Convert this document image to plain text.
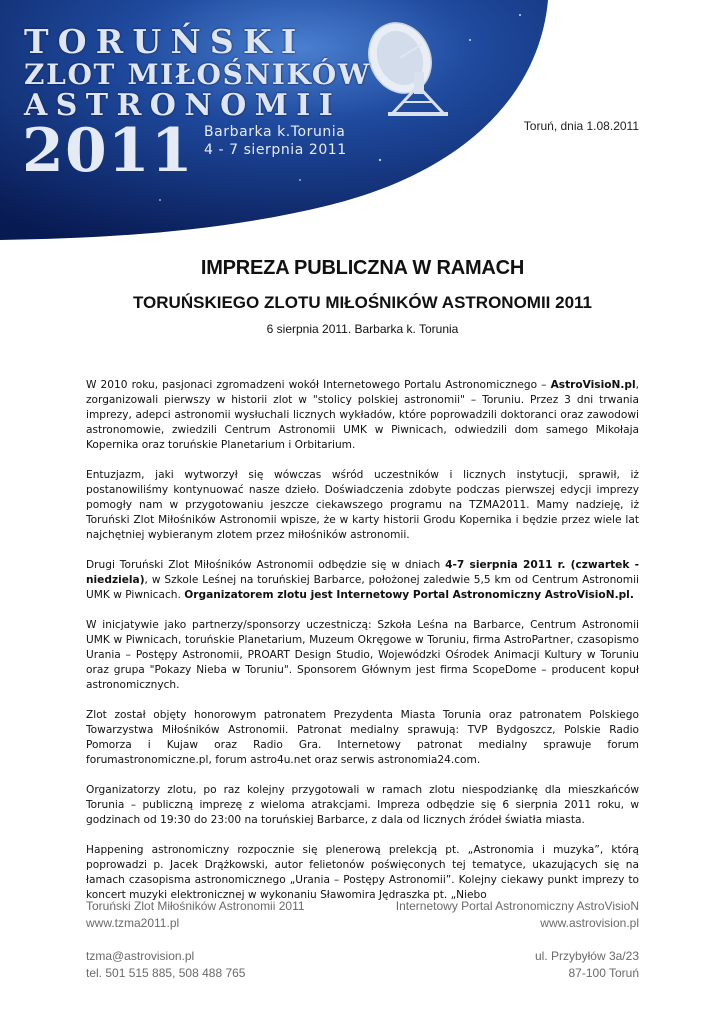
TORUŃSKI
ZLOT MIŁOŚNIKÓW
ASTRONOMII
2011 Barbarka k.Torunia
4 - 7 sierpnia 2011
Toruń, dnia 1.08.2011
IMPREZA PUBLICZNA W RAMACH
TORUŃSKIEGO ZLOTU MIŁOŚNIKÓW ASTRONOMII 2011
6 sierpnia 2011. Barbarka k. Torunia

W 2010 roku, pasjonaci zgromadzeni wokół Internetowego Portalu Astronomicznego – AstroVisioN.pl, zorganizowali pierwszy w historii zlot w "stolicy polskiej astronomii" – Toruniu. Przez 3 dni trwania imprezy, adepci astronomii wysłuchali licznych wykładów, które poprowadzili doktoranci oraz zawodowi astronomowie, zwiedzili Centrum Astronomii UMK w Piwnicach, odwiedzili dom samego Mikołaja Kopernika oraz toruńskie Planetarium i Orbitarium.

Entuzjazm, jaki wytworzył się wówczas wśród uczestników i licznych instytucji, sprawił, iż postanowiliśmy kontynuować nasze dzieło. Doświadczenia zdobyte podczas pierwszej edycji imprezy pomogły nam w przygotowaniu jeszcze ciekawszego programu na TZMA2011. Mamy nadzieję, iż Toruński Zlot Miłośników Astronomii wpisze, że w karty historii Grodu Kopernika i będzie przez wiele lat najchętniej wybieranym zlotem przez miłośników astronomii.

Drugi Toruński Zlot Miłośników Astronomii odbędzie się w dniach 4-7 sierpnia 2011 r. (czwartek - niedziela), w Szkole Leśnej na toruńskiej Barbarce, położonej zaledwie 5,5 km od Centrum Astronomii UMK w Piwnicach. Organizatorem zlotu jest Internetowy Portal Astronomiczny AstroVisioN.pl.

W inicjatywie jako partnerzy/sponsorzy uczestniczą: Szkoła Leśna na Barbarce, Centrum Astronomii UMK w Piwnicach, toruńskie Planetarium, Muzeum Okręgowe w Toruniu, firma AstroPartner, czasopismo Urania – Postępy Astronomii, PROART Design Studio, Wojewódzki Ośrodek Animacji Kultury w Toruniu oraz grupa "Pokazy Nieba w Toruniu". Sponsorem Głównym jest firma ScopeDome – producent kopuł astronomicznych.

Zlot został objęty honorowym patronatem Prezydenta Miasta Torunia oraz patronatem Polskiego Towarzystwa Miłośników Astronomii. Patronat medialny sprawują: TVP Bydgoszcz, Polskie Radio Pomorza i Kujaw oraz Radio Gra. Internetowy patronat medialny sprawuje forum forumastronomiczne.pl, forum astro4u.net oraz serwis astronomia24.com.

Organizatorzy zlotu, po raz kolejny przygotowali w ramach zlotu niespodziankę dla mieszkańców Torunia – publiczną imprezę z wieloma atrakcjami. Impreza odbędzie się 6 sierpnia 2011 roku, w godzinach od 19:30 do 23:00 na toruńskiej Barbarce, z dala od licznych źródeł światła miasta.

Happening astronomiczny rozpocznie się plenerową prelekcją pt. „Astronomia i muzyka”, którą poprowadzi p. Jacek Drążkowski, autor felietonów poświęconych tej tematyce, ukazujących się na łamach czasopisma astronomicznego „Urania – Postępy Astronomii”. Kolejny ciekawy punkt imprezy to koncert muzyki elektronicznej w wykonaniu Sławomira Jędraszka pt. „Niebo

Toruński Zlot Miłośników Astronomii 2011
www.tzma2011.pl
Internetowy Portal Astronomiczny AstroVisioN
www.astrovision.pl
tzma@astrovision.pl
tel. 501 515 885, 508 488 765
ul. Przybyłów 3a/23
87-100 Toruń
